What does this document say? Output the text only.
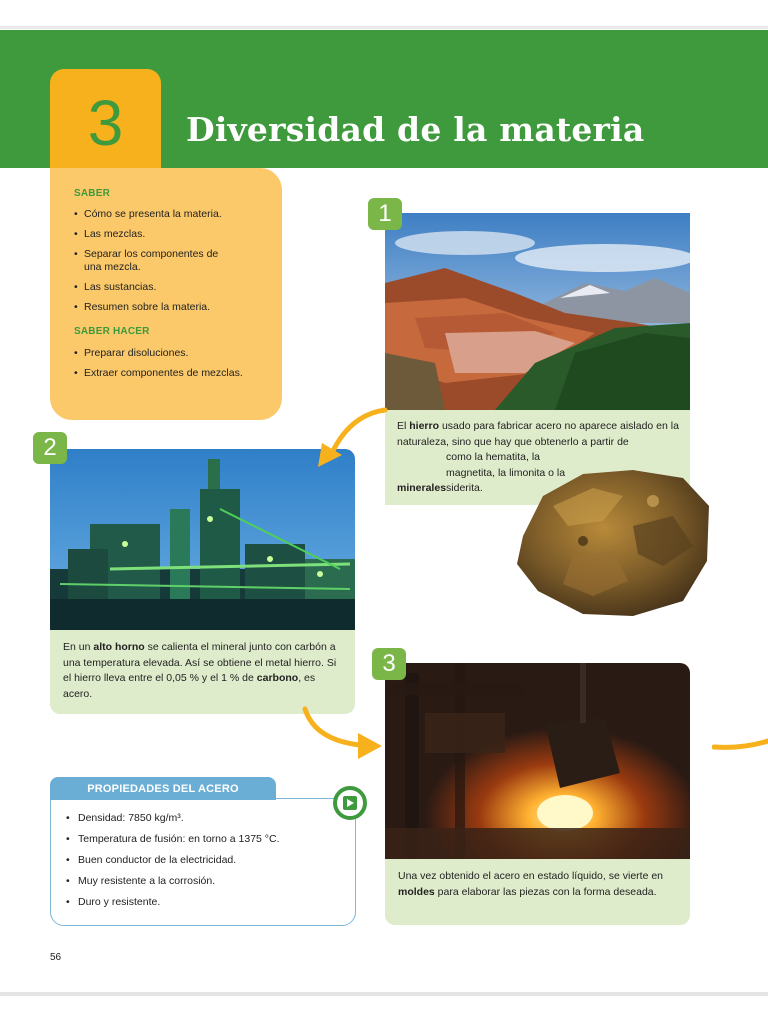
3 Diversidad de la materia
SABER
• Cómo se presenta la materia.
• Las mezclas.
• Separar los componentes de una mezcla.
• Las sustancias.
• Resumen sobre la materia.
SABER HACER
• Preparar disoluciones.
• Extraer componentes de mezclas.
1
El hierro usado para fabricar acero no aparece aislado en la naturaleza, sino que hay que obtenerlo a partir de mineralescomo la hematita, la magnetita, la limonita o la siderita.
2
En un alto horno se calienta el mineral junto con carbón a una temperatura elevada. Así se obtiene el metal hierro. Si el hierro lleva entre el 0,05 % y el 1 % de carbono, es acero.
3
Una vez obtenido el acero en estado líquido, se vierte en moldes para elaborar las piezas con la forma deseada.
PROPIEDADES DEL ACERO
• Densidad: 7850 kg/m³.
• Temperatura de fusión: en torno a 1375 °C.
• Buen conductor de la electricidad.
• Muy resistente a la corrosión.
• Duro y resistente.
56
